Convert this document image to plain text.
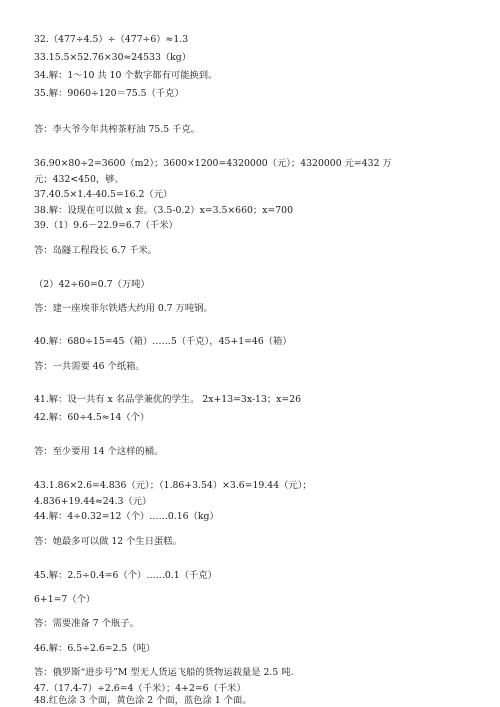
32.（477÷4.5）÷（477÷6）≈1.3
33.15.5×52.76×30≈24533（kg）
34.解：1～10 共 10 个数字都有可能换到。
35.解：9060÷120＝75.5（千克）
答：李大爷今年共榨茶籽油 75.5 千克。
36.90×80÷2=3600（m2）；3600×1200=4320000（元）；4320000 元=432 万
元；432<450，够。
37.40.5×1.4-40.5=16.2（元）
38.解：设现在可以做 x 套。（3.5-0.2）x=3.5×660；x=700
39.（1）9.6－22.9=6.7（千米）
答：岛隧工程段长 6.7 千米。
（2）42÷60=0.7（万吨）
答：建一座埃菲尔铁塔大约用 0.7 万吨钢。
40.解：680÷15=45（箱）……5（千克），45+1=46（箱）
答：一共需要 46 个纸箱。
41.解：设一共有 x 名品学兼优的学生。 2x+13=3x-13；x=26
42.解：60÷4.5≈14（个）
答：至少要用 14 个这样的桶。
43.1.86×2.6=4.836（元）；（1.86+3.54）×3.6=19.44（元）；
4.836+19.44≈24.3（元）
44.解：4÷0.32=12（个）……0.16（kg）
答：她最多可以做 12 个生日蛋糕。
45.解：2.5÷0.4=6（个）……0.1（千克）
6+1=7（个）
答：需要准备 7 个瓶子。
46.解：6.5÷2.6=2.5（吨）
答：俄罗斯“进步号”M 型无人货运飞船的货物运载量是 2.5 吨.
47.（17.4-7）÷2.6=4（千米）；4+2=6（千米）
48.红色涂 3 个面，黄色涂 2 个面，蓝色涂 1 个面。
